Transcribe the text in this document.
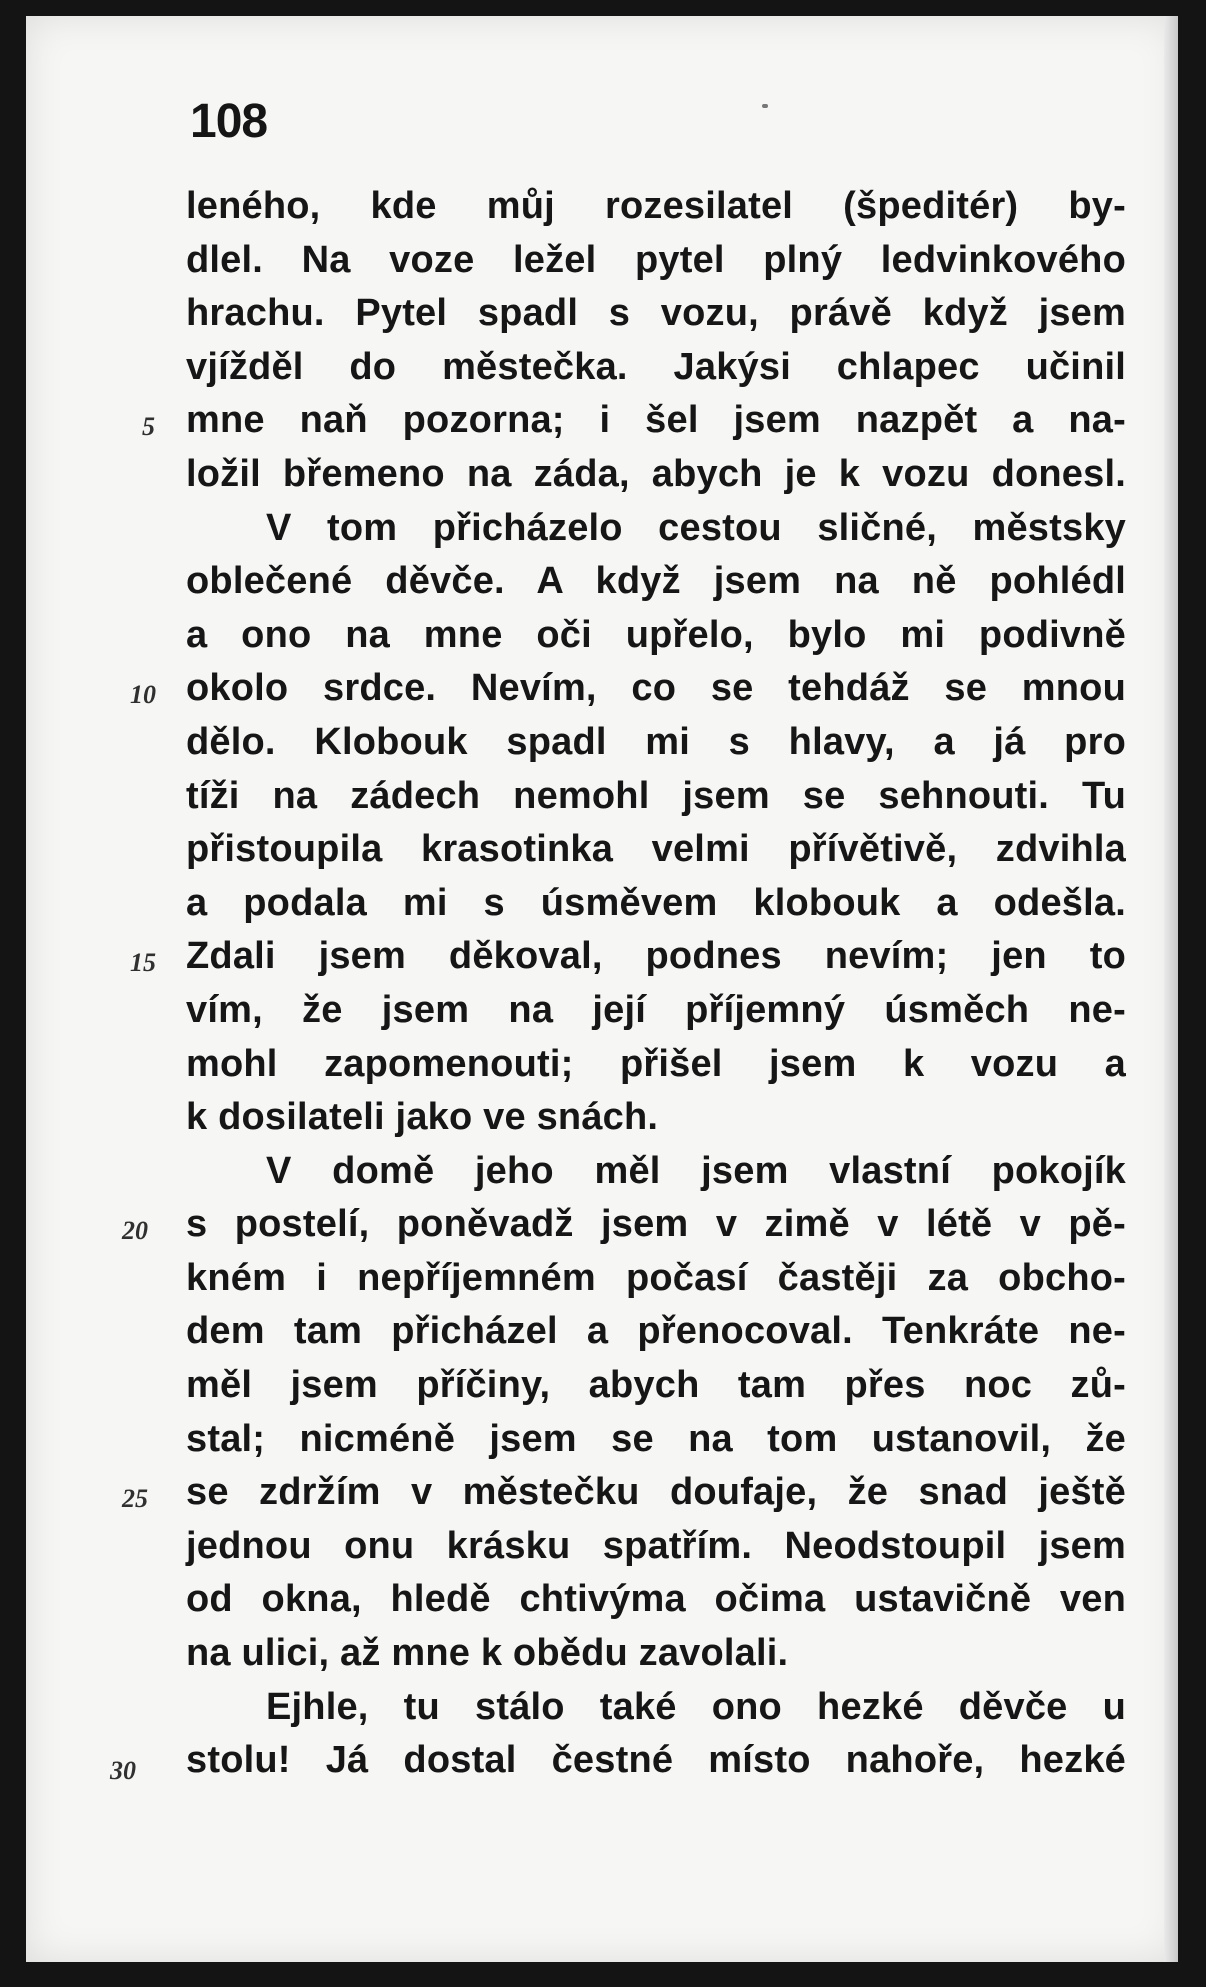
108
leného, kde můj rozesilatel (špeditér) by-
dlel. Na voze ležel pytel plný ledvinkového
hrachu. Pytel spadl s vozu, právě když jsem
vjížděl do městečka. Jakýsi chlapec učinil
mne naň pozorna; i šel jsem nazpět a na-
ložil břemeno na záda, abych je k vozu donesl.
V tom přicházelo cestou sličné, městsky
oblečené děvče. A když jsem na ně pohlédl
a ono na mne oči upřelo, bylo mi podivně
okolo srdce. Nevím, co se tehdáž se mnou
dělo. Klobouk spadl mi s hlavy, a já pro
tíži na zádech nemohl jsem se sehnouti. Tu
přistoupila krasotinka velmi přívětivě, zdvihla
a podala mi s úsměvem klobouk a odešla.
Zdali jsem děkoval, podnes nevím; jen to
vím, že jsem na její příjemný úsměch ne-
mohl zapomenouti; přišel jsem k vozu a
k dosilateli jako ve snách.
V domě jeho měl jsem vlastní pokojík
s postelí, poněvadž jsem v zimě v létě v pě-
kném i nepříjemném počasí častěji za obcho-
dem tam přicházel a přenocoval. Tenkráte ne-
měl jsem příčiny, abych tam přes noc zů-
stal; nicméně jsem se na tom ustanovil, že
se zdržím v městečku doufaje, že snad ještě
jednou onu krásku spatřím. Neodstoupil jsem
od okna, hledě chtivýma očima ustavičně ven
na ulici, až mne k obědu zavolali.
Ejhle, tu stálo také ono hezké děvče u
stolu! Já dostal čestné místo nahoře, hezké
5
10
15
20
25
30
